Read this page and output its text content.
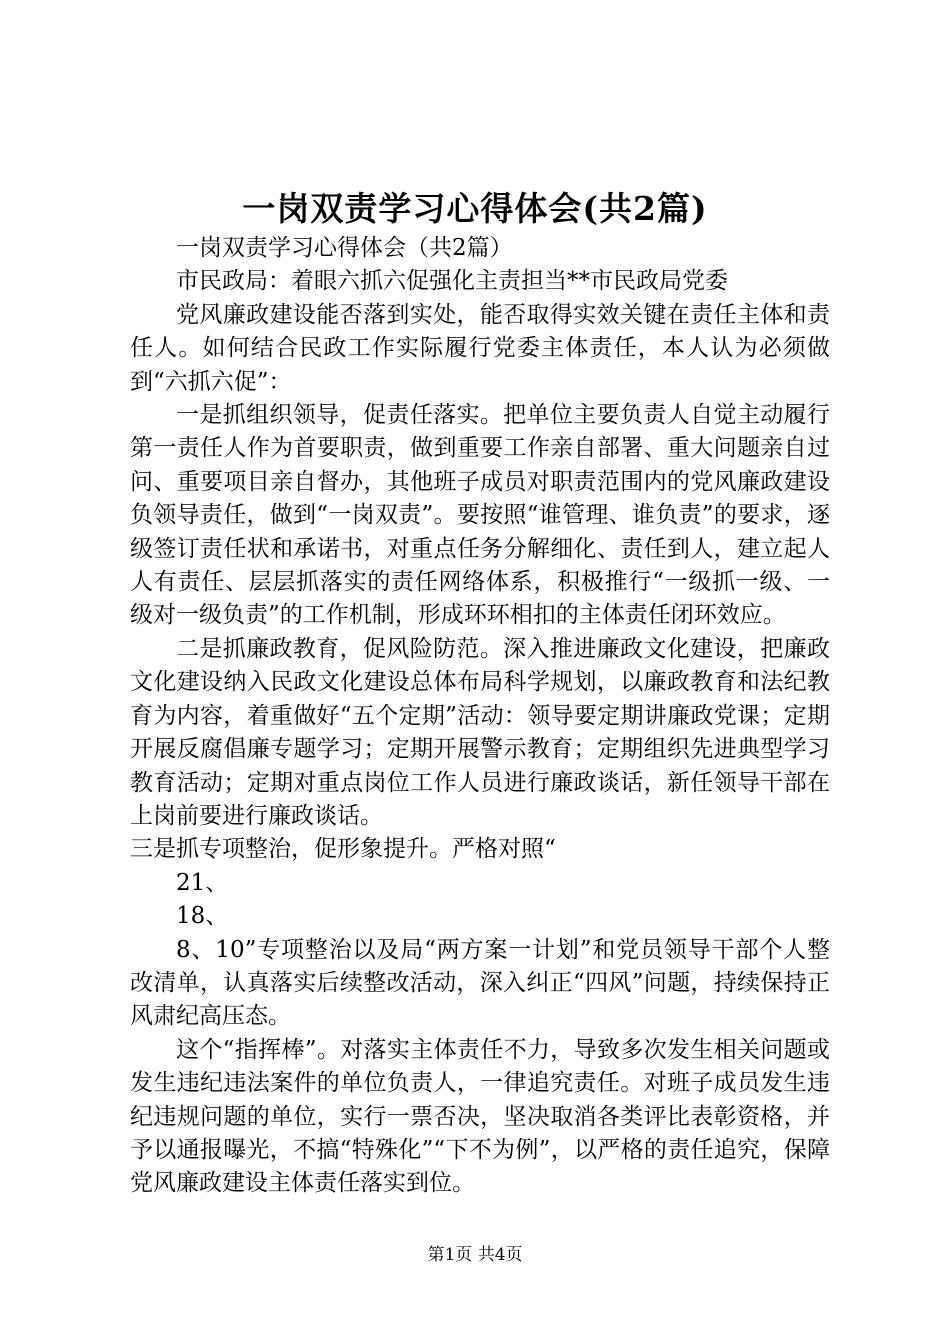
一岗双责学习心得体会(共2篇)

一岗双责学习心得体会（共2篇）

市民政局：着眼六抓六促强化主责担当**市民政局党委

党风廉政建设能否落到实处，能否取得实效关键在责任主体和责任人。如何结合民政工作实际履行党委主体责任，本人认为必须做到“六抓六促”：

一是抓组织领导，促责任落实。把单位主要负责人自觉主动履行第一责任人作为首要职责，做到重要工作亲自部署、重大问题亲自过问、重要项目亲自督办，其他班子成员对职责范围内的党风廉政建设负领导责任，做到“一岗双责”。要按照“谁管理、谁负责”的要求，逐级签订责任状和承诺书，对重点任务分解细化、责任到人，建立起人人有责任、层层抓落实的责任网络体系，积极推行“一级抓一级、一级对一级负责”的工作机制，形成环环相扣的主体责任闭环效应。

二是抓廉政教育，促风险防范。深入推进廉政文化建设，把廉政文化建设纳入民政文化建设总体布局科学规划，以廉政教育和法纪教育为内容，着重做好“五个定期”活动：领导要定期讲廉政党课；定期开展反腐倡廉专题学习；定期开展警示教育；定期组织先进典型学习教育活动；定期对重点岗位工作人员进行廉政谈话，新任领导干部在上岗前要进行廉政谈话。

三是抓专项整治，促形象提升。严格对照“

21、

18、

8、10”专项整治以及局“两方案一计划”和党员领导干部个人整改清单，认真落实后续整改活动，深入纠正“四风”问题，持续保持正风肃纪高压态。

这个“指挥棒”。对落实主体责任不力，导致多次发生相关问题或发生违纪违法案件的单位负责人，一律追究责任。对班子成员发生违纪违规问题的单位，实行一票否决，坚决取消各类评比表彰资格，并予以通报曝光，不搞“特殊化”“下不为例”，以严格的责任追究，保障党风廉政建设主体责任落实到位。

第1页 共4页
